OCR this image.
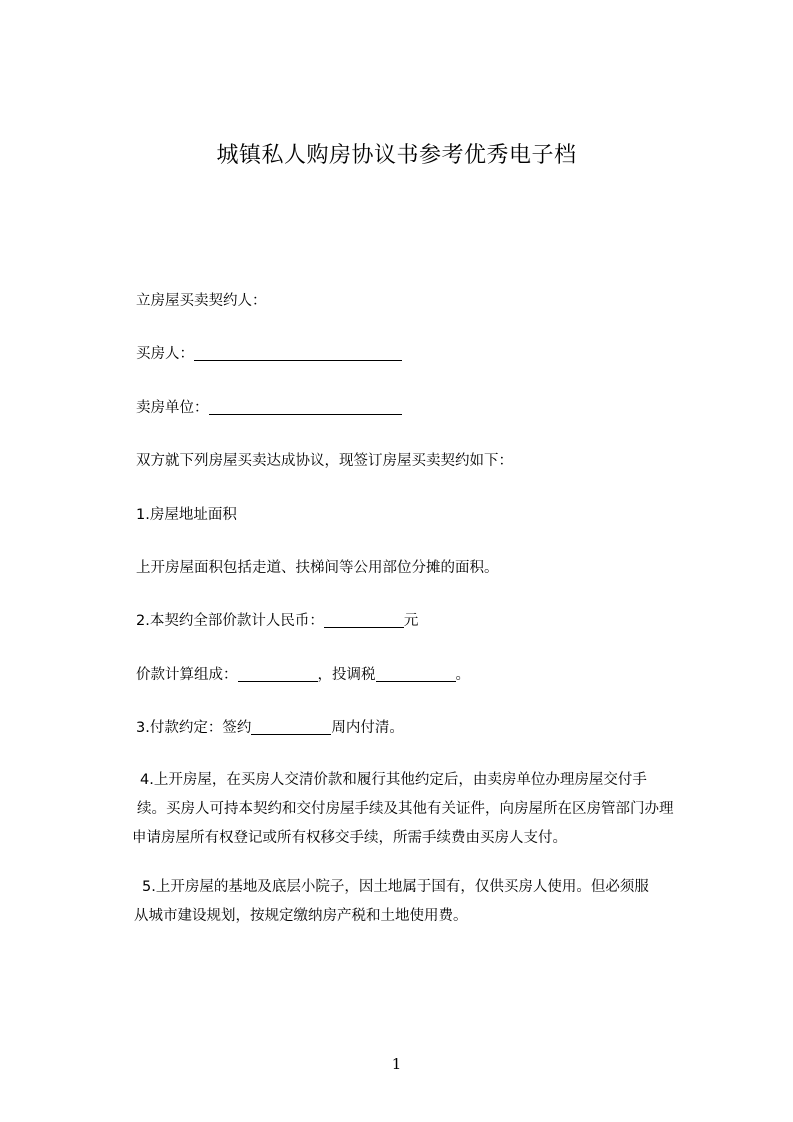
城镇私人购房协议书参考优秀电子档
立房屋买卖契约人：
买房人：
卖房单位：
双方就下列房屋买卖达成协议，现签订房屋买卖契约如下：
1.房屋地址面积
上开房屋面积包括走道、扶梯间等公用部位分摊的面积。
2.本契约全部价款计人民币：	元
价款计算组成：	，投调税	。
3.付款约定：签约	周内付清。
4.上开房屋，在买房人交清价款和履行其他约定后，由卖房单位办理房屋交付手
续。买房人可持本契约和交付房屋手续及其他有关证件，向房屋所在区房管部门办理
申请房屋所有权登记或所有权移交手续，所需手续费由买房人支付。
5.上开房屋的基地及底层小院子，因土地属于国有，仅供买房人使用。但必须服
从城市建设规划，按规定缴纳房产税和土地使用费。
1
